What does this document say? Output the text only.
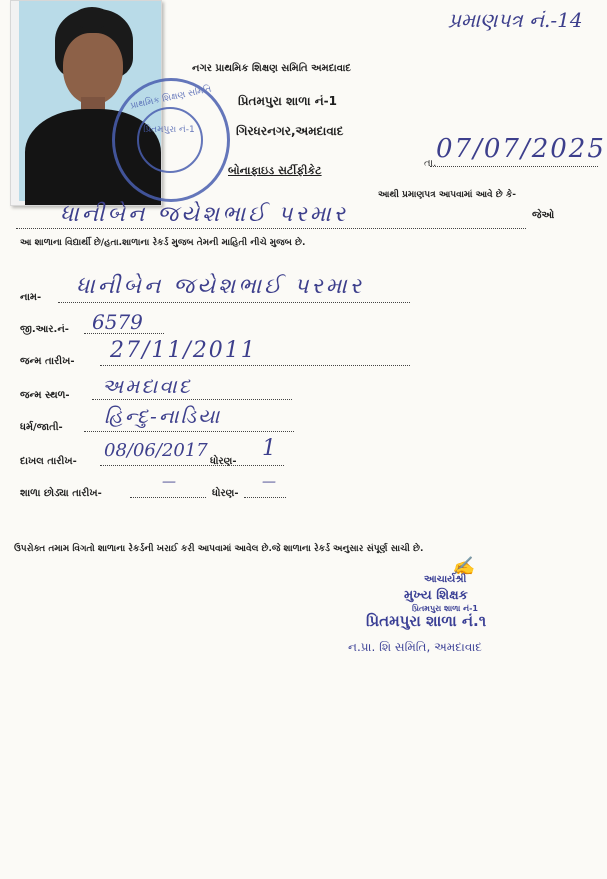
પ્રમાણપત્ર નં.-14
પ્રાથમિક શિક્ષણ સમિતિ
પ્રિતમપુરા નં-1
નગર પ્રાથમિક શિક્ષણ સમિતિ અમદાવાદ
પ્રિતમપુરા શાળા નં-1
ગિરધરનગર,અમદાવાદ
બોનાફાઇડ સર્ટીફીકેટ
તા. 07/07/2025
આથી પ્રમાણપત્ર આપવામાં આવે છે કે-
ધાનીબેન જયેશભાઈ પરમાર	જેઓ
આ શાળાના વિદ્યાર્થી છે/હતા.શાળાના રેકર્ડ મુજબ તેમની માહિતી નીચે મુજબ છે.
નામ- ધાનીબેન જયેશભાઈ પરમાર
જી.આર.નં- 6579
જન્મ તારીખ- 27/11/2011
જન્મ સ્થળ- અમદાવાદ
ધર્મ/જાતી- હિન્દુ-નાડિયા
દાખલ તારીખ-
08/06/2017
ધોરણ-
1
શાળા છોડ્યા તારીખ-
—
ધોરણ-
—
ઉપરોક્ત તમામ વિગતો શાળાના રેકર્ડની ખરાઈ કરી આપવામાં આવેલ છે.જે શાળાના રેકર્ડ અનુસાર સંપૂર્ણ સાચી છે.
✍
આચાર્યશ્રી
મુખ્ય શિક્ષક
પ્રિતમપુરા શાળા નં-1
પ્રિતમપુરા શાળા નં.૧
ન.પ્રા. શિ સમિતિ, અમદાવાદ
